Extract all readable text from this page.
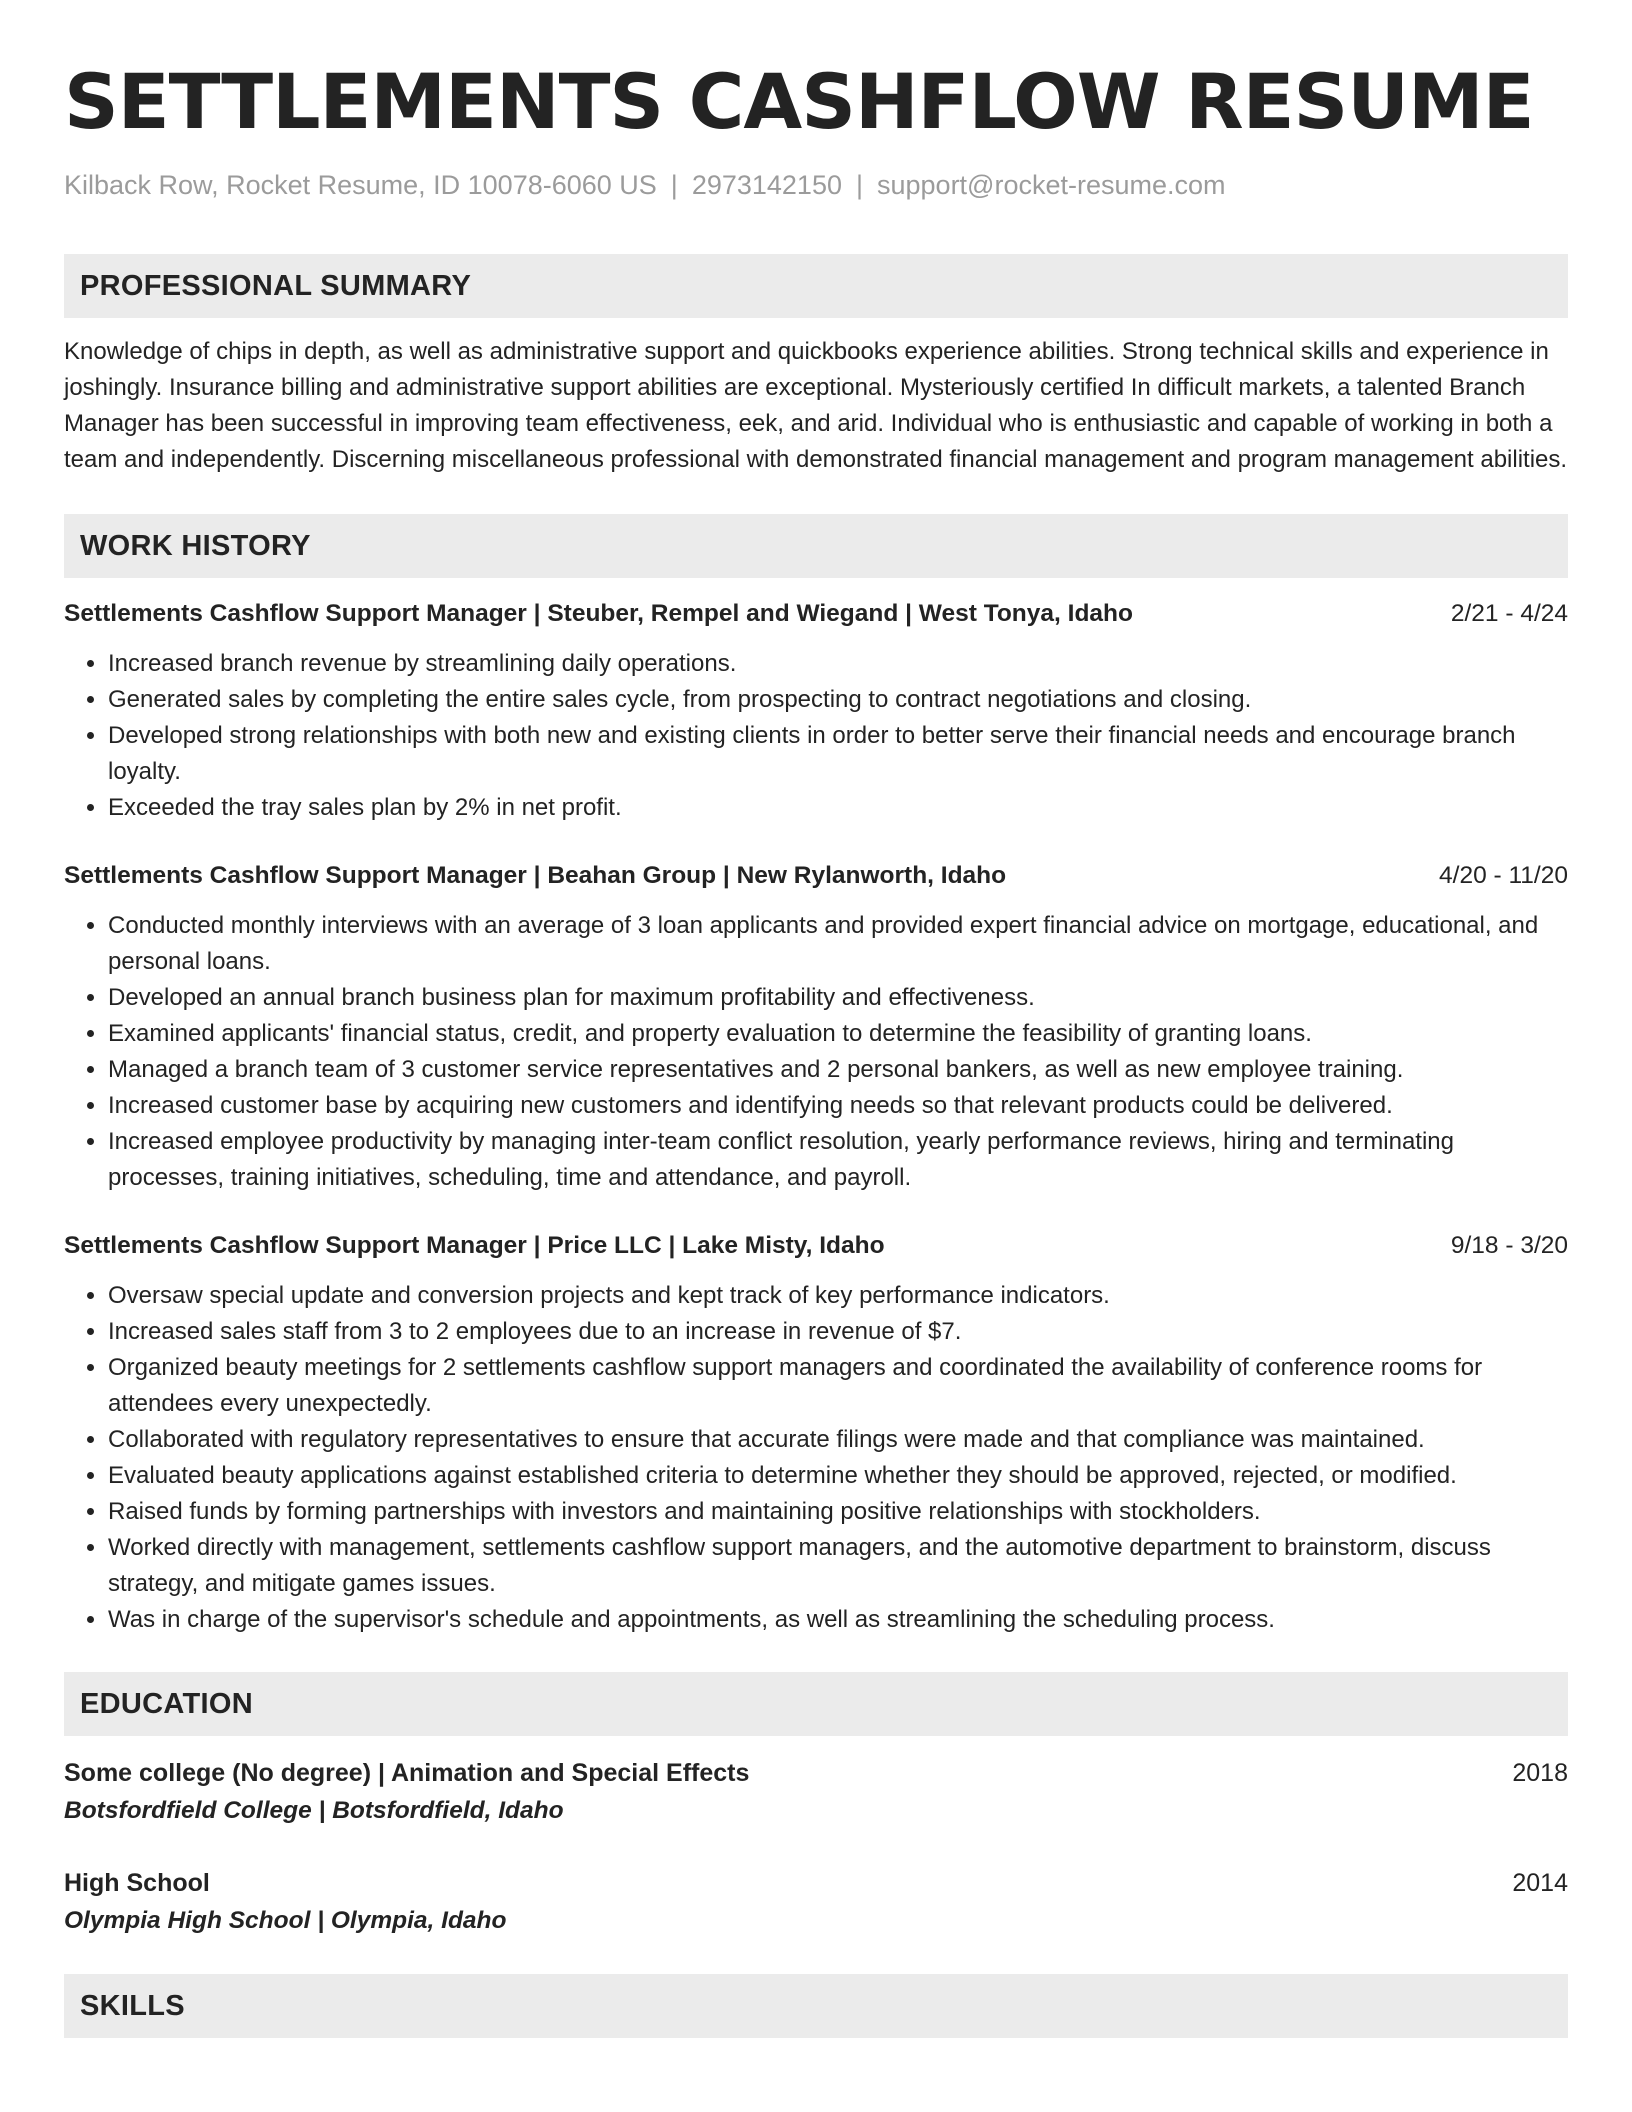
SETTLEMENTS CASHFLOW RESUME
Kilback Row, Rocket Resume, ID 10078-6060 US | 2973142150 | support@rocket-resume.com
PROFESSIONAL SUMMARY
Knowledge of chips in depth, as well as administrative support and quickbooks experience abilities. Strong technical skills and experience in joshingly. Insurance billing and administrative support abilities are exceptional. Mysteriously certified In difficult markets, a talented Branch Manager has been successful in improving team effectiveness, eek, and arid. Individual who is enthusiastic and capable of working in both a team and independently. Discerning miscellaneous professional with demonstrated financial management and program management abilities.
WORK HISTORY
Settlements Cashflow Support Manager | Steuber, Rempel and Wiegand | West Tonya, Idaho	2/21 - 4/24
• Increased branch revenue by streamlining daily operations.
• Generated sales by completing the entire sales cycle, from prospecting to contract negotiations and closing.
• Developed strong relationships with both new and existing clients in order to better serve their financial needs and encourage branch loyalty.
• Exceeded the tray sales plan by 2% in net profit.
Settlements Cashflow Support Manager | Beahan Group | New Rylanworth, Idaho	4/20 - 11/20
• Conducted monthly interviews with an average of 3 loan applicants and provided expert financial advice on mortgage, educational, and personal loans.
• Developed an annual branch business plan for maximum profitability and effectiveness.
• Examined applicants' financial status, credit, and property evaluation to determine the feasibility of granting loans.
• Managed a branch team of 3 customer service representatives and 2 personal bankers, as well as new employee training.
• Increased customer base by acquiring new customers and identifying needs so that relevant products could be delivered.
• Increased employee productivity by managing inter-team conflict resolution, yearly performance reviews, hiring and terminating processes, training initiatives, scheduling, time and attendance, and payroll.
Settlements Cashflow Support Manager | Price LLC | Lake Misty, Idaho	9/18 - 3/20
• Oversaw special update and conversion projects and kept track of key performance indicators.
• Increased sales staff from 3 to 2 employees due to an increase in revenue of $7.
• Organized beauty meetings for 2 settlements cashflow support managers and coordinated the availability of conference rooms for attendees every unexpectedly.
• Collaborated with regulatory representatives to ensure that accurate filings were made and that compliance was maintained.
• Evaluated beauty applications against established criteria to determine whether they should be approved, rejected, or modified.
• Raised funds by forming partnerships with investors and maintaining positive relationships with stockholders.
• Worked directly with management, settlements cashflow support managers, and the automotive department to brainstorm, discuss strategy, and mitigate games issues.
• Was in charge of the supervisor's schedule and appointments, as well as streamlining the scheduling process.
EDUCATION
Some college (No degree) | Animation and Special Effects	2018
Botsfordfield College | Botsfordfield, Idaho
High School	2014
Olympia High School | Olympia, Idaho
SKILLS
